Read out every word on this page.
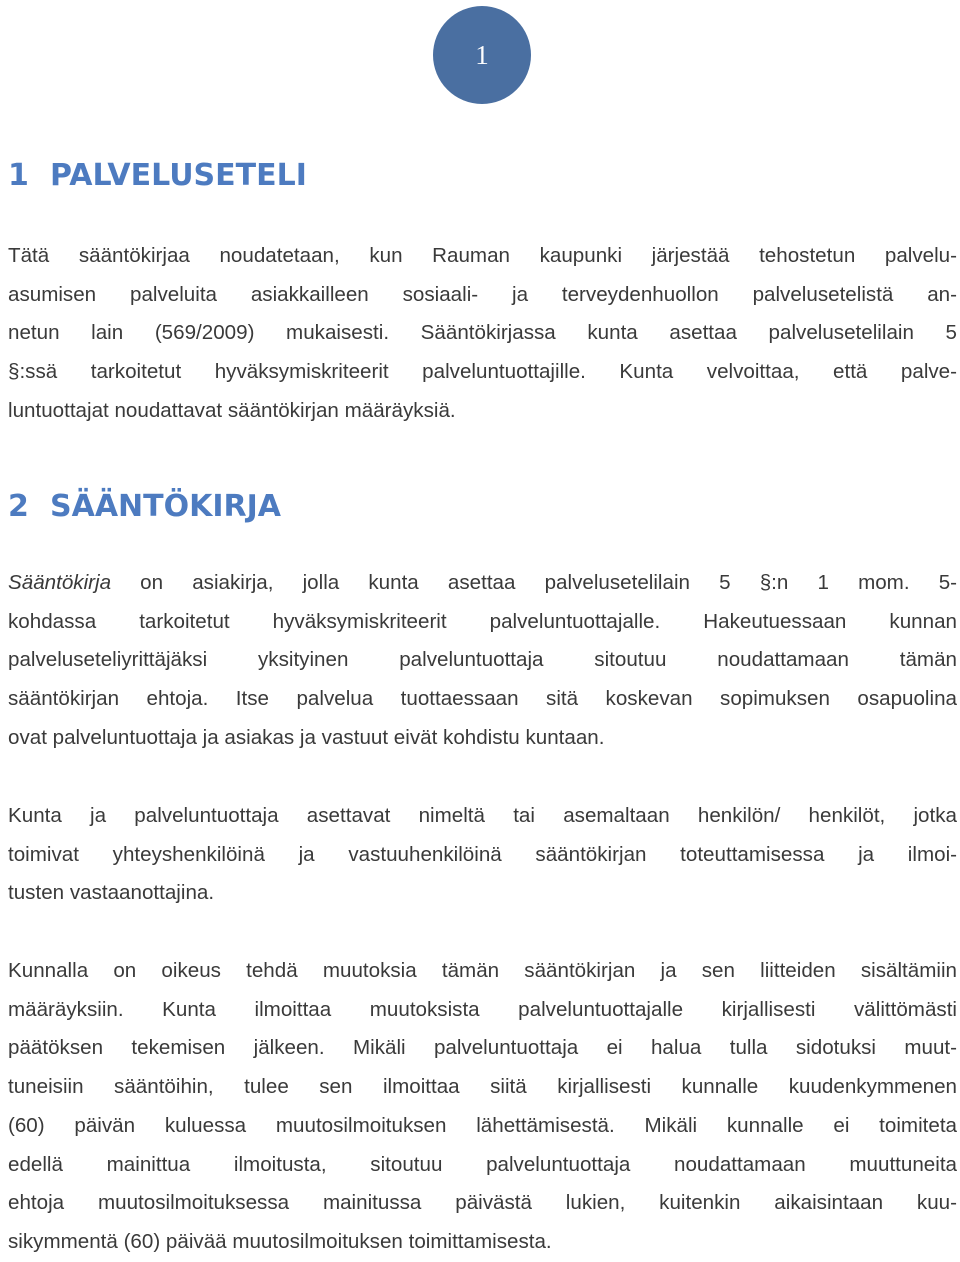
1
1 PALVELUSETELI
Tätä sääntökirjaa noudatetaan, kun Rauman kaupunki järjestää tehostetun palvelu-
asumisen palveluita asiakkailleen sosiaali- ja terveydenhuollon palvelusetelistä an-
netun lain (569/2009) mukaisesti. Sääntökirjassa kunta asettaa palvelusetelilain 5
§:ssä tarkoitetut hyväksymiskriteerit palveluntuottajille. Kunta velvoittaa, että palve-
luntuottajat noudattavat sääntökirjan määräyksiä.
2 SÄÄNTÖKIRJA
Sääntökirja on asiakirja, jolla kunta asettaa palvelusetelilain 5 §:n 1 mom. 5-
kohdassa tarkoitetut hyväksymiskriteerit palveluntuottajalle. Hakeutuessaan kunnan
palveluseteliyrittäjäksi yksityinen palveluntuottaja sitoutuu noudattamaan tämän
sääntökirjan ehtoja. Itse palvelua tuottaessaan sitä koskevan sopimuksen osapuolina
ovat palveluntuottaja ja asiakas ja vastuut eivät kohdistu kuntaan.
Kunta ja palveluntuottaja asettavat nimeltä tai asemaltaan henkilön/ henkilöt, jotka
toimivat yhteyshenkilöinä ja vastuuhenkilöinä sääntökirjan toteuttamisessa ja ilmoi-
tusten vastaanottajina.
Kunnalla on oikeus tehdä muutoksia tämän sääntökirjan ja sen liitteiden sisältämiin
määräyksiin. Kunta ilmoittaa muutoksista palveluntuottajalle kirjallisesti välittömästi
päätöksen tekemisen jälkeen. Mikäli palveluntuottaja ei halua tulla sidotuksi muut-
tuneisiin sääntöihin, tulee sen ilmoittaa siitä kirjallisesti kunnalle kuudenkymmenen
(60) päivän kuluessa muutosilmoituksen lähettämisestä. Mikäli kunnalle ei toimiteta
edellä mainittua ilmoitusta, sitoutuu palveluntuottaja noudattamaan muuttuneita
ehtoja muutosilmoituksessa mainitussa päivästä lukien, kuitenkin aikaisintaan kuu-
sikymmentä (60) päivää muutosilmoituksen toimittamisesta.
